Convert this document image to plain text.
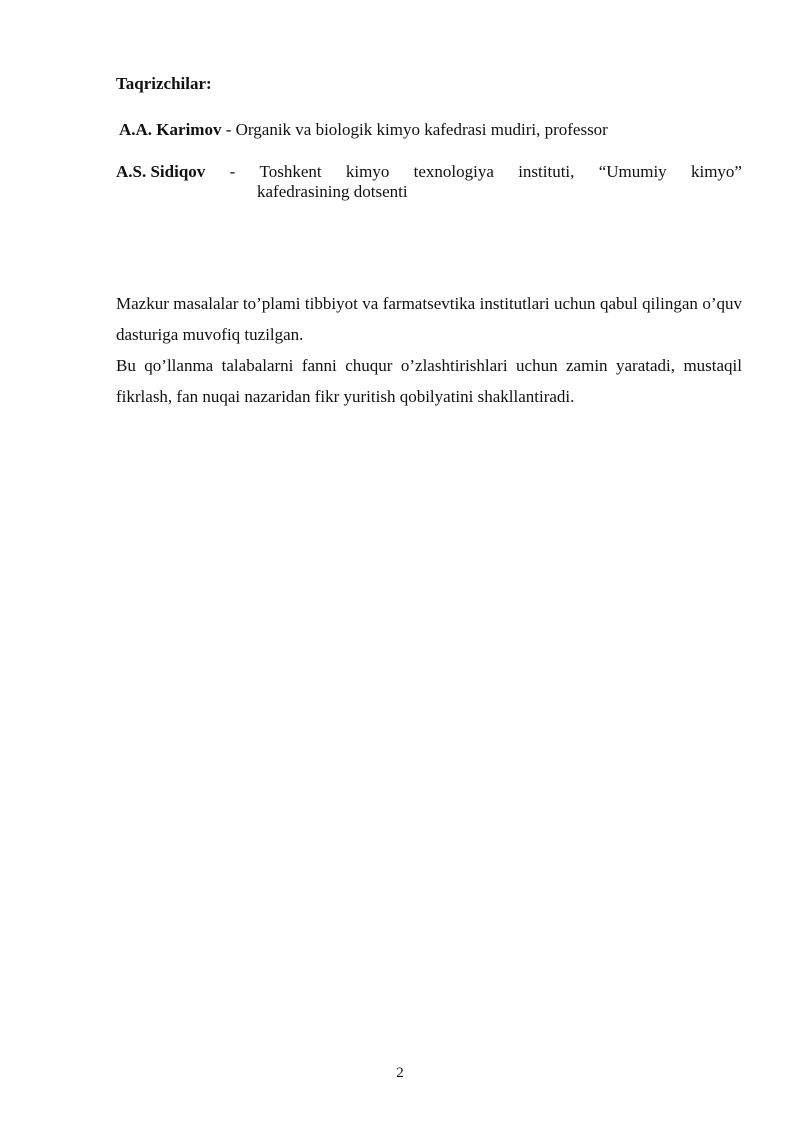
Taqrizchilar:
A.A. Karimov - Organik va biologik kimyo kafedrasi mudiri, professor
A.S. Sidiqov - Toshkent kimyo texnologiya instituti, “Umumiy kimyo”
kafedrasining dotsenti

Mazkur masalalar to’plami tibbiyot va farmatsevtika institutlari uchun qabul qilingan o’quv dasturiga muvofiq tuzilgan.

Bu qo’llanma talabalarni fanni chuqur o’zlashtirishlari uchun zamin yaratadi, mustaqil fikrlash, fan nuqai nazaridan fikr yuritish qobilyatini shakllantiradi.

2
